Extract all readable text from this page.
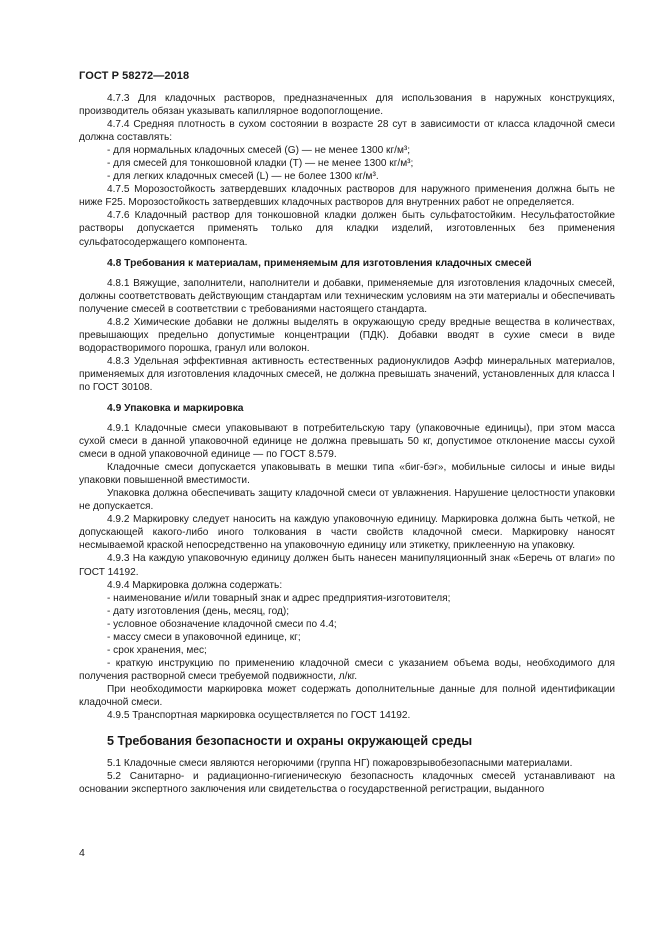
ГОСТ Р 58272—2018

4.7.3 Для кладочных растворов, предназначенных для использования в наружных конструкциях, производитель обязан указывать капиллярное водопоглощение.

4.7.4 Средняя плотность в сухом состоянии в возрасте 28 сут в зависимости от класса кладочной смеси должна составлять:

- для нормальных кладочных смесей (G) — не менее 1300 кг/м³;

- для смесей для тонкошовной кладки (Т) — не менее 1300 кг/м³;

- для легких кладочных смесей (L) — не более 1300 кг/м³.

4.7.5 Морозостойкость затвердевших кладочных растворов для наружного применения должна быть не ниже F25. Морозостойкость затвердевших кладочных растворов для внутренних работ не определяется.

4.7.6 Кладочный раствор для тонкошовной кладки должен быть сульфатостойким. Несульфатостойкие растворы допускается применять только для кладки изделий, изготовленных без применения сульфатосодержащего компонента.

4.8 Требования к материалам, применяемым для изготовления кладочных смесей

4.8.1 Вяжущие, заполнители, наполнители и добавки, применяемые для изготовления кладочных смесей, должны соответствовать действующим стандартам или техническим условиям на эти материалы и обеспечивать получение смесей в соответствии с требованиями настоящего стандарта.

4.8.2 Химические добавки не должны выделять в окружающую среду вредные вещества в количествах, превышающих предельно допустимые концентрации (ПДК). Добавки вводят в сухие смеси в виде водорастворимого порошка, гранул или волокон.

4.8.3 Удельная эффективная активность естественных радионуклидов Аэфф минеральных материалов, применяемых для изготовления кладочных смесей, не должна превышать значений, установленных для класса I по ГОСТ 30108.

4.9 Упаковка и маркировка

4.9.1 Кладочные смеси упаковывают в потребительскую тару (упаковочные единицы), при этом масса сухой смеси в данной упаковочной единице не должна превышать 50 кг, допустимое отклонение массы сухой смеси в одной упаковочной единице — по ГОСТ 8.579.

Кладочные смеси допускается упаковывать в мешки типа «биг-бэг», мобильные силосы и иные виды упаковки повышенной вместимости.

Упаковка должна обеспечивать защиту кладочной смеси от увлажнения. Нарушение целостности упаковки не допускается.

4.9.2 Маркировку следует наносить на каждую упаковочную единицу. Маркировка должна быть четкой, не допускающей какого-либо иного толкования в части свойств кладочной смеси. Маркировку наносят несмываемой краской непосредственно на упаковочную единицу или этикетку, приклеенную на упаковку.

4.9.3 На каждую упаковочную единицу должен быть нанесен манипуляционный знак «Беречь от влаги» по ГОСТ 14192.

4.9.4 Маркировка должна содержать:

- наименование и/или товарный знак и адрес предприятия-изготовителя;

- дату изготовления (день, месяц, год);

- условное обозначение кладочной смеси по 4.4;

- массу смеси в упаковочной единице, кг;

- срок хранения, мес;

- краткую инструкцию по применению кладочной смеси с указанием объема воды, необходимого для получения растворной смеси требуемой подвижности, л/кг.

При необходимости маркировка может содержать дополнительные данные для полной идентификации кладочной смеси.

4.9.5 Транспортная маркировка осуществляется по ГОСТ 14192.

5 Требования безопасности и охраны окружающей среды

5.1 Кладочные смеси являются негорючими (группа НГ) пожаровзрывобезопасными материалами.

5.2 Санитарно- и радиационно-гигиеническую безопасность кладочных смесей устанавливают на основании экспертного заключения или свидетельства о государственной регистрации, выданного

4
